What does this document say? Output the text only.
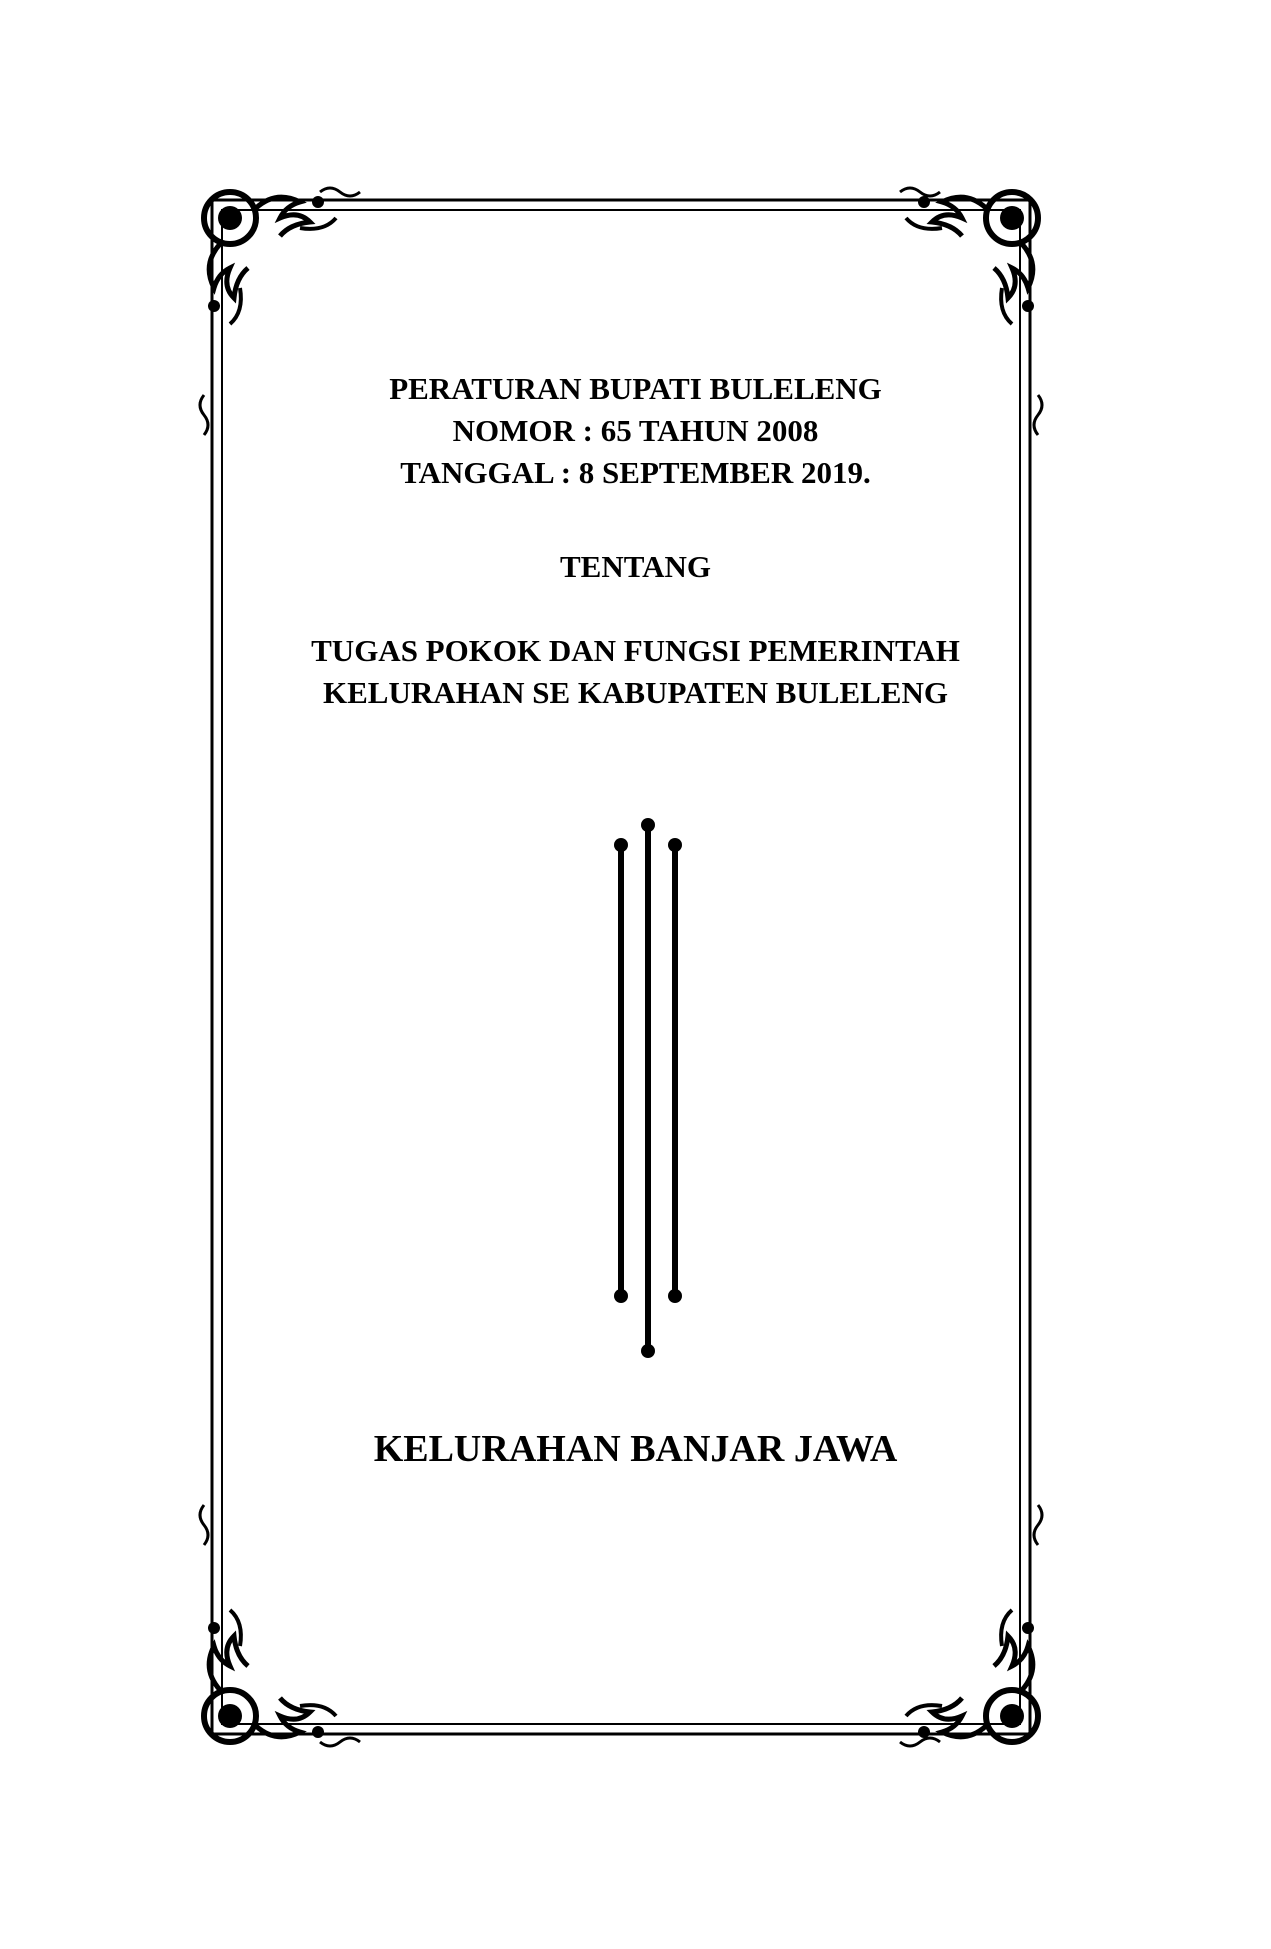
PERATURAN BUPATI BULELENG
NOMOR : 65 TAHUN 2008
TANGGAL : 8 SEPTEMBER 2019.
TENTANG
TUGAS POKOK DAN FUNGSI PEMERINTAH
KELURAHAN SE KABUPATEN BULELENG
KELURAHAN BANJAR JAWA
